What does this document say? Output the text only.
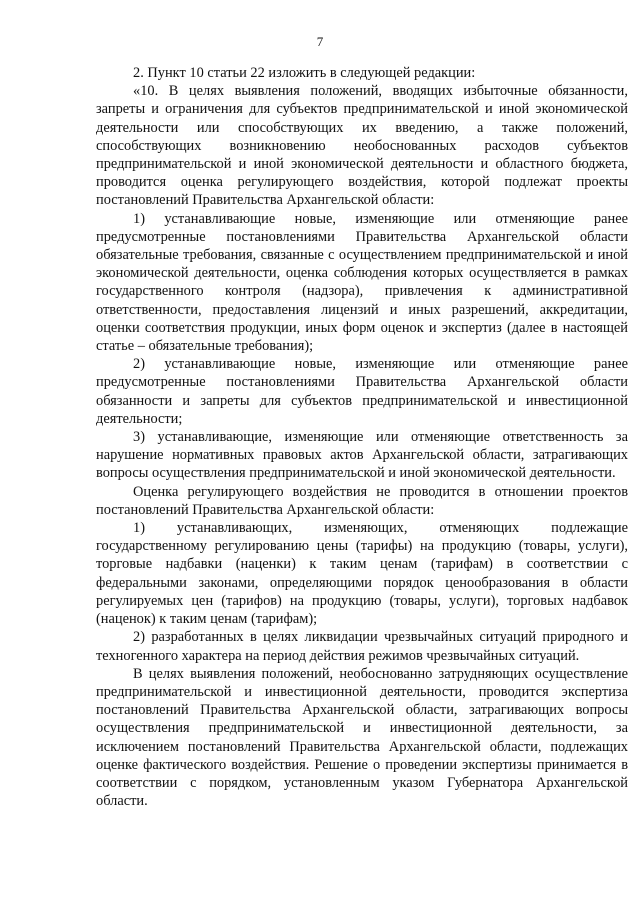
7

2. Пункт 10 статьи 22 изложить в следующей редакции:

«10. В целях выявления положений, вводящих избыточные обязанности, запреты и ограничения для субъектов предпринимательской и иной экономической деятельности или способствующих их введению, а также положений, способствующих возникновению необоснованных расходов субъектов предпринимательской и иной экономической деятельности и областного бюджета, проводится оценка регулирующего воздействия, которой подлежат проекты постановлений Правительства Архангельской области:

1) устанавливающие новые, изменяющие или отменяющие ранее предусмотренные постановлениями Правительства Архангельской области обязательные требования, связанные с осуществлением предпринимательской и иной экономической деятельности, оценка соблюдения которых осуществляется в рамках государственного контроля (надзора), привлечения к административной ответственности, предоставления лицензий и иных разрешений, аккредитации, оценки соответствия продукции, иных форм оценок и экспертиз (далее в настоящей статье – обязательные требования);

2) устанавливающие новые, изменяющие или отменяющие ранее предусмотренные постановлениями Правительства Архангельской области обязанности и запреты для субъектов предпринимательской и инвестиционной деятельности;

3) устанавливающие, изменяющие или отменяющие ответственность за нарушение нормативных правовых актов Архангельской области, затрагивающих вопросы осуществления предпринимательской и иной экономической деятельности.

Оценка регулирующего воздействия не проводится в отношении проектов постановлений Правительства Архангельской области:

1) устанавливающих, изменяющих, отменяющих подлежащие государственному регулированию цены (тарифы) на продукцию (товары, услуги), торговые надбавки (наценки) к таким ценам (тарифам) в соответствии с федеральными законами, определяющими порядок ценообразования в области регулируемых цен (тарифов) на продукцию (товары, услуги), торговых надбавок (наценок) к таким ценам (тарифам);

2) разработанных в целях ликвидации чрезвычайных ситуаций природного и техногенного характера на период действия режимов чрезвычайных ситуаций.

В целях выявления положений, необоснованно затрудняющих осуществление предпринимательской и инвестиционной деятельности, проводится экспертиза постановлений Правительства Архангельской области, затрагивающих вопросы осуществления предпринимательской и инвестиционной деятельности, за исключением постановлений Правительства Архангельской области, подлежащих оценке фактического воздействия. Решение о проведении экспертизы принимается в соответствии с порядком, установленным указом Губернатора Архангельской области.
